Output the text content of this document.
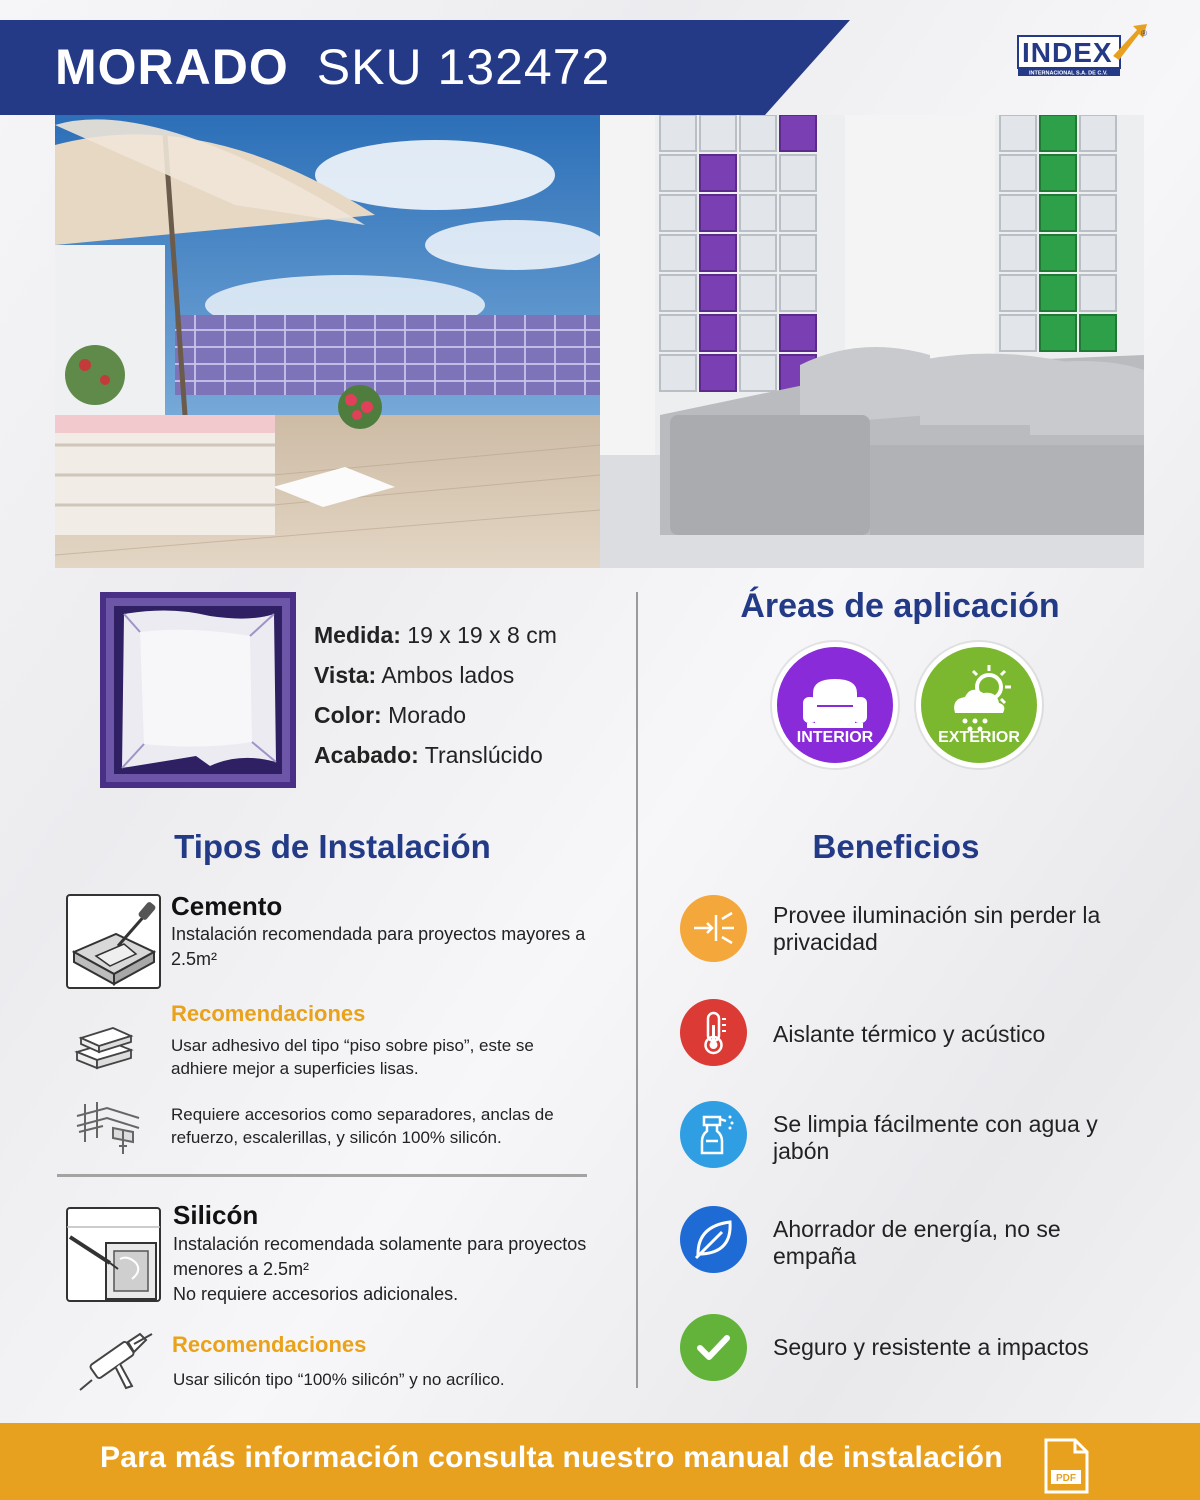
MORADO SKU 132472	INDEX
INTERNACIONAL S.A. DE C.V.
®
Medida: 19 x 19 x 8 cm
Vista: Ambos lados
Color: Morado
Acabado: Translúcido
Áreas de aplicación
INTERIOR	EXTERIOR
Tipos de Instalación
Cemento
Instalación recomendada para proyectos mayores a 2.5m²
Recomendaciones
Usar adhesivo del tipo “piso sobre piso”, este se adhiere mejor a superficies lisas.
Requiere accesorios como separadores, anclas de refuerzo, escalerillas, y silicón 100% silicón.
Silicón
Instalación recomendada solamente para proyectos menores a 2.5m²
No requiere accesorios adicionales.
Recomendaciones
Usar silicón tipo “100% silicón” y no acrílico.
Beneficios
Provee iluminación sin perder la privacidad
Aislante térmico y acústico
Se limpia fácilmente con agua y jabón
Ahorrador de energía, no se empaña
Seguro y resistente a impactos
Para más información consulta nuestro manual de instalación
PDF
